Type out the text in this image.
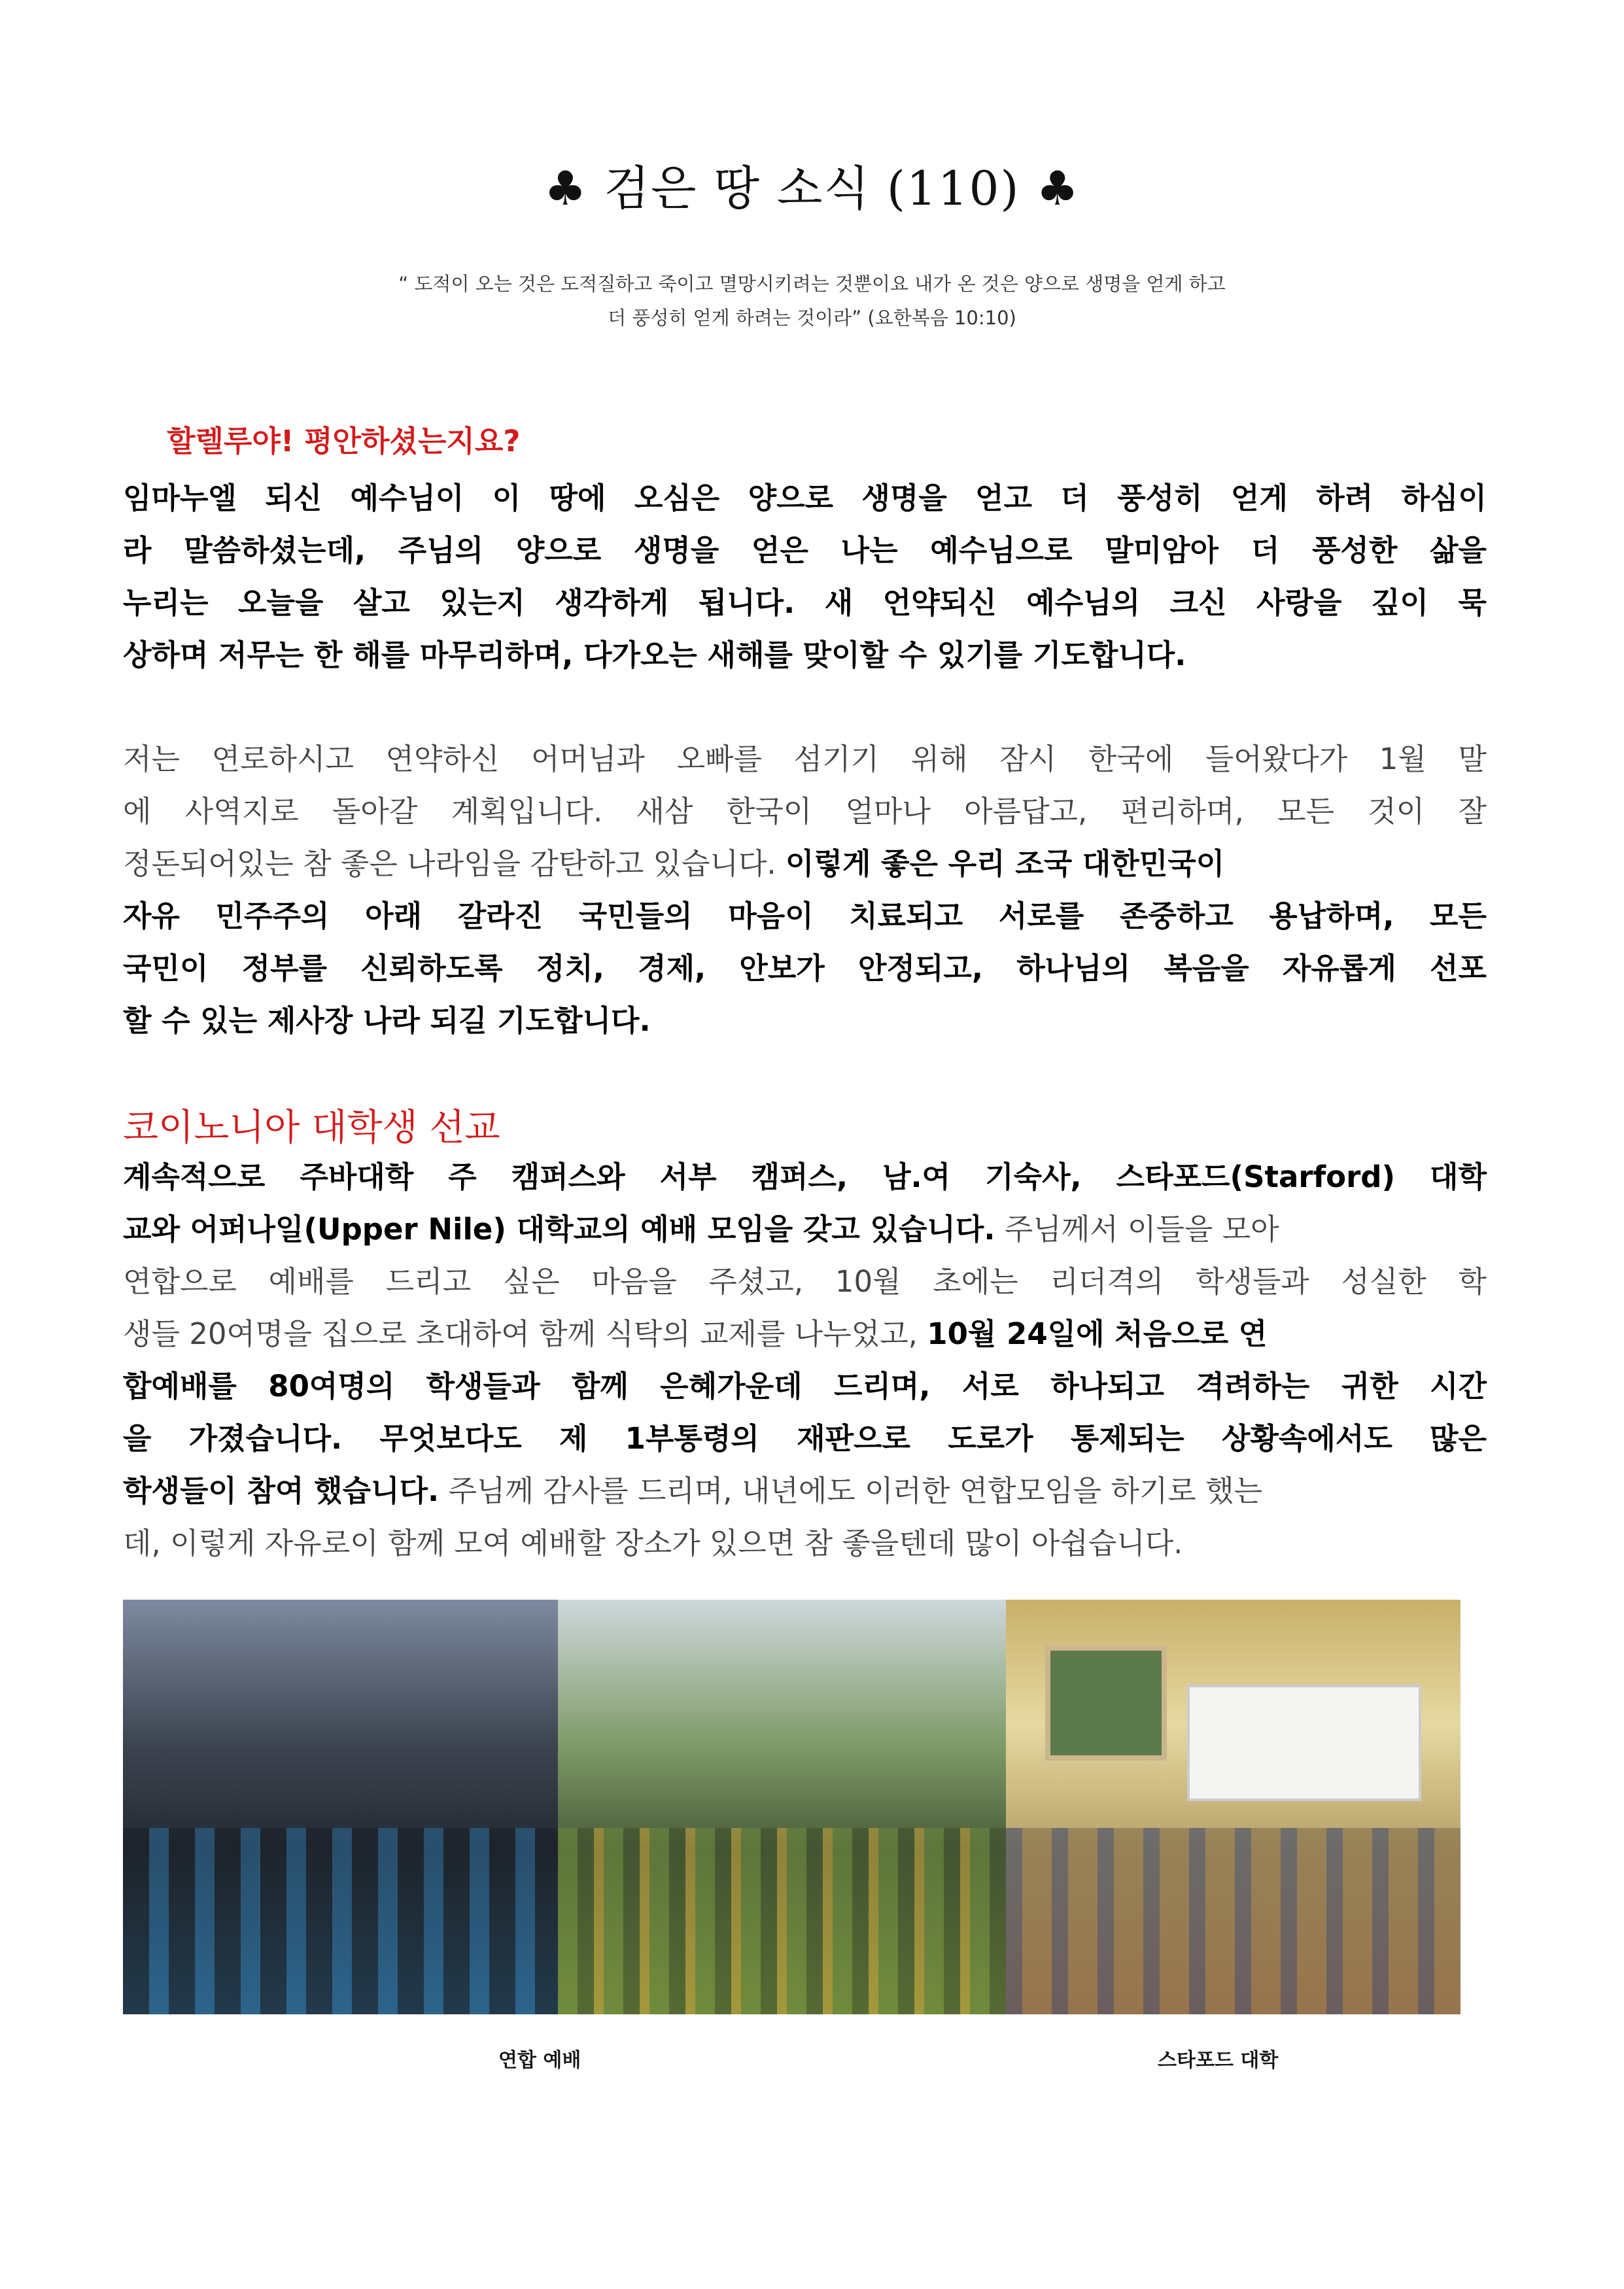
♣ 검은 땅 소식 (110) ♣
“ 도적이 오는 것은 도적질하고 죽이고 멸망시키려는 것뿐이요 내가 온 것은 양으로 생명을 얻게 하고
더 풍성히 얻게 하려는 것이라” (요한복음 10:10)
할렐루야! 평안하셨는지요?
임마누엘 되신 예수님이 이 땅에 오심은 양으로 생명을 얻고 더 풍성히 얻게 하려 하심이
라 말씀하셨는데, 주님의 양으로 생명을 얻은 나는 예수님으로 말미암아 더 풍성한 삶을
누리는 오늘을 살고 있는지 생각하게 됩니다. 새 언약되신 예수님의 크신 사랑을 깊이 묵
상하며 저무는 한 해를 마무리하며, 다가오는 새해를 맞이할 수 있기를 기도합니다.
저는 연로하시고 연약하신 어머님과 오빠를 섬기기 위해 잠시 한국에 들어왔다가 1월 말
에 사역지로 돌아갈 계획입니다. 새삼 한국이 얼마나 아름답고, 편리하며, 모든 것이 잘
정돈되어있는 참 좋은 나라임을 감탄하고 있습니다. 이렇게 좋은 우리 조국 대한민국이
자유 민주주의 아래 갈라진 국민들의 마음이 치료되고 서로를 존중하고 용납하며, 모든
국민이 정부를 신뢰하도록 정치, 경제, 안보가 안정되고, 하나님의 복음을 자유롭게 선포
할 수 있는 제사장 나라 되길 기도합니다.
코이노니아 대학생 선교
계속적으로 주바대학 주 캠퍼스와 서부 캠퍼스, 남.여 기숙사, 스타포드(Starford) 대학
교와 어퍼나일(Upper Nile) 대학교의 예배 모임을 갖고 있습니다. 주님께서 이들을 모아
연합으로 예배를 드리고 싶은 마음을 주셨고, 10월 초에는 리더격의 학생들과 성실한 학
생들 20여명을 집으로 초대하여 함께 식탁의 교제를 나누었고, 10월 24일에 처음으로 연
합예배를 80여명의 학생들과 함께 은혜가운데 드리며, 서로 하나되고 격려하는 귀한 시간
을 가졌습니다. 무엇보다도 제 1부통령의 재판으로 도로가 통제되는 상황속에서도 많은
학생들이 참여 했습니다. 주님께 감사를 드리며, 내년에도 이러한 연합모임을 하기로 했는
데, 이렇게 자유로이 함께 모여 예배할 장소가 있으면 참 좋을텐데 많이 아쉽습니다.
연합 예배	스타포드 대학
